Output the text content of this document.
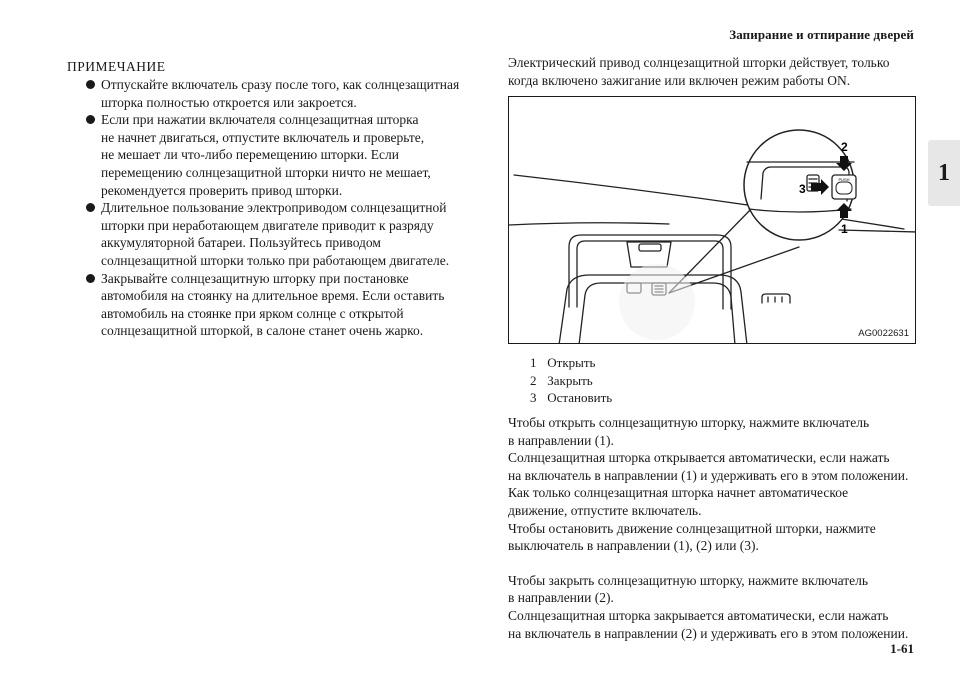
Запирание и отпирание дверей
1
ПРИМЕЧАНИЕ
Отпускайте включатель сразу после того, как солнцезащитная
шторка полностью откроется или закроется.
Если при нажатии включателя солнцезащитная шторка
не начнет двигаться, отпустите включатель и проверьте,
не мешает ли что-либо перемещению шторки. Если
перемещению солнцезащитной шторки ничто не мешает,
рекомендуется проверить привод шторки.
Длительное пользование электроприводом солнцезащитной
шторки при неработающем двигателе приводит к разряду
аккумуляторной батареи. Пользуйтесь приводом
солнцезащитной шторки только при работающем двигателе.
Закрывайте солнцезащитную шторку при постановке
автомобиля на стоянку на длительное время. Если оставить
автомобиль на стоянке при ярком солнце с открытой
солнцезащитной шторкой, в салоне станет очень жарко.

Электрический привод солнцезащитной шторки действует, только
когда включено зажигание или включен режим работы ON.

PUSH
2
1
3
AG0022631
1 Открыть
2 Закрыть
3 Остановить
Чтобы открыть солнцезащитную шторку, нажмите включатель
в направлении (1).
Солнцезащитная шторка открывается автоматически, если нажать
на включатель в направлении (1) и удерживать его в этом положении.
Как только солнцезащитная шторка начнет автоматическое
движение, отпустите включатель.
Чтобы остановить движение солнцезащитной шторки, нажмите
выключатель в направлении (1), (2) или (3).
Чтобы закрыть солнцезащитную шторку, нажмите включатель
в направлении (2).
Солнцезащитная шторка закрывается автоматически, если нажать
на включатель в направлении (2) и удерживать его в этом положении.
1-61
